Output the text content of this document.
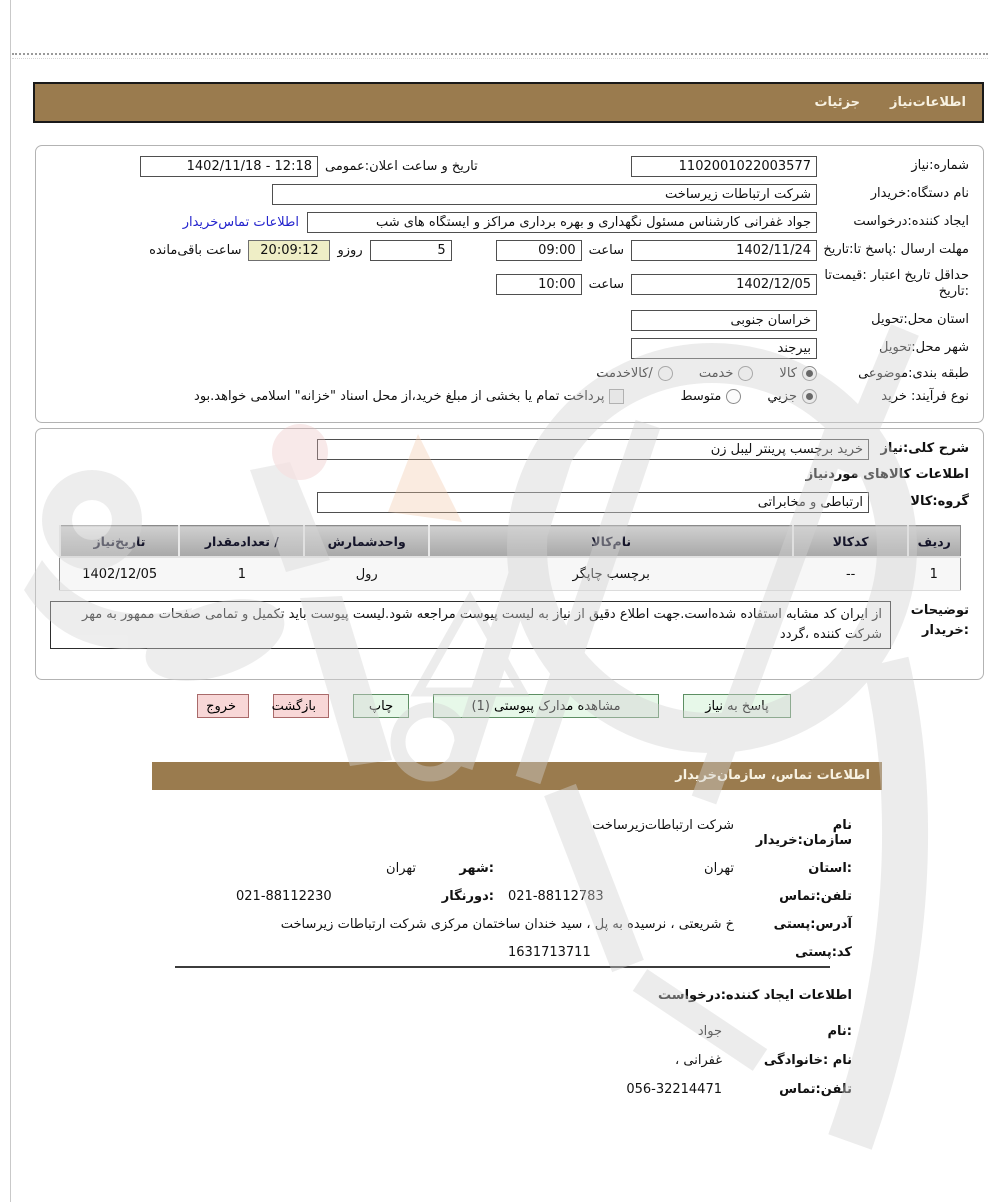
اطلاعات‌نیاز
جزئیات
شماره:نیاز
1102001022003577
تاریخ و ساعت اعلان:عمومی
1402/11/18 - 12:18
نام دستگاه:خریدار
شرکت ارتباطات زیرساخت
ایجاد کننده:درخواست
جواد غفرانی کارشناس مسئول نگهداری و بهره برداری مراکز و ایستگاه های شب
اطلاعات تماس‌خریدار
مهلت ارسال :پاسخ تا:تاریخ
1402/11/24
ساعت
09:00
5
روزو
20:09:12
ساعت باقی‌مانده
حداقل تاریخ اعتبار :قیمت‌تا :تاریخ
1402/12/05
ساعت
10:00
استان محل:تحویل
خراسان جنوبی
شهر محل:تحویل
بیرجند
طبقه بندی:موضوعی
کالا
خدمت
/کالاخدمت
نوع فرآیند: خرید
جزیي
متوسط
پرداخت تمام یا بخشی از مبلغ خرید،از محل اسناد "خزانه" اسلامی خواهد.بود
شرح کلی:نیاز
خرید برچسب پرینتر لیبل زن
اطلاعات کالاهای موردنیاز
گروه:کالا
ارتباطی و مخابراتی
ردیف	کدکالا	نام‌کالا	واحدشمارش	/ تعدادمقدار	تاریخ‌نیاز
1	--	برچسب چاپگر	رول	1	1402/12/05
توضیحات :خریدار
از ایران کد مشابه استفاده شده‌است.جهت اطلاع دقیق از نیاز به لیست پیوست مراجعه شود.لیست پیوست باید تکمیل و تمامی صفحات ممهور به مهر شرکت کننده ،گردد
پاسخ به نیاز
مشاهده مدارک پیوستی (1)
چاپ
بازگشت
خروج
اطلاعات تماس، سازمان‌خریدار
نام سازمان:خریدار
شرکت ارتباطات‌زیرساخت
:استان
تهران
:شهر
تهران
تلفن:تماس
021-88112783
:دورنگار
021-88112230
آدرس:پستی
خ شریعتی ، نرسیده به پل ، سید خندان ساختمان مرکزی شرکت ارتباطات زیرساخت
کد:پستی
1631713711
اطلاعات ایجاد کننده:درخواست
:نام
جواد
نام :خانوادگی
غفرانی ،
تلفن:تماس
056-32214471
